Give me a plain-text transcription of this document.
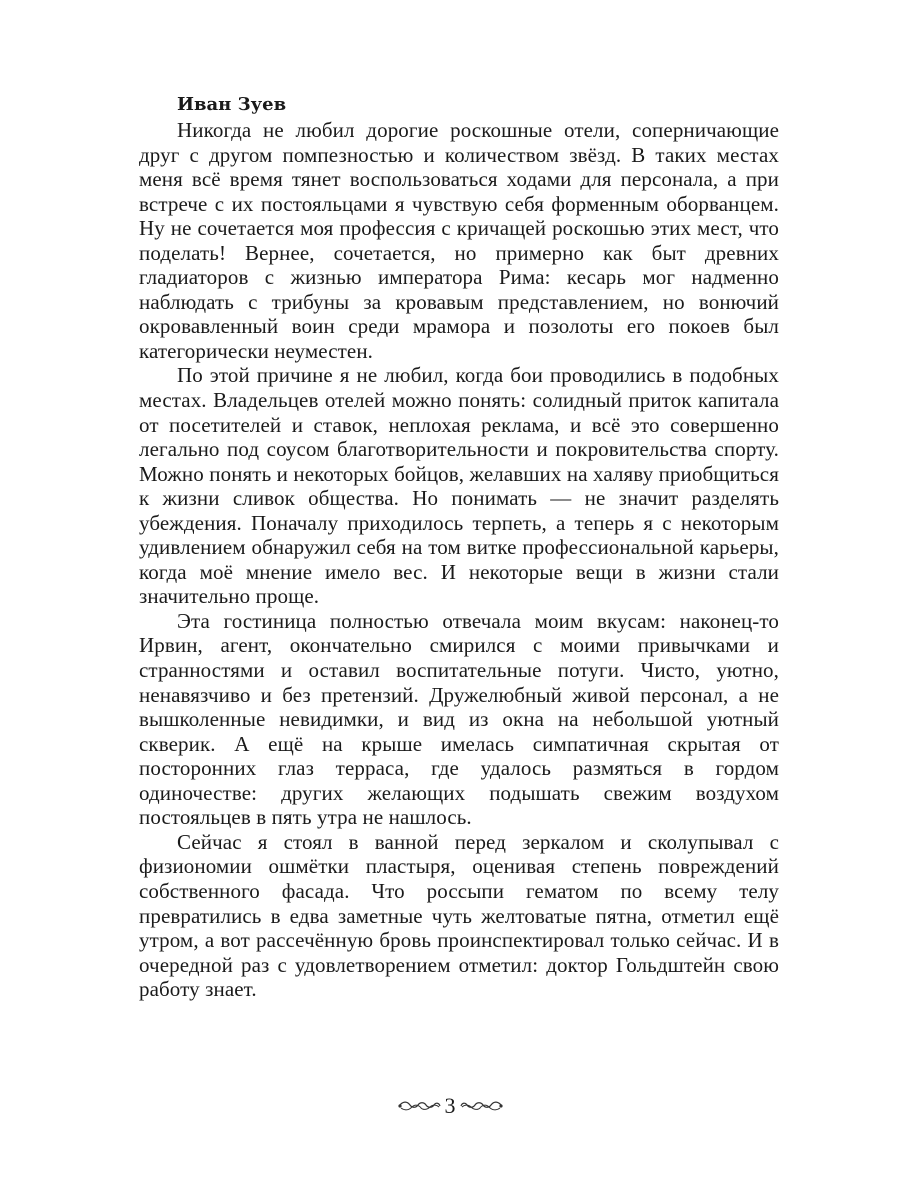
Иван Зуев

Никогда не любил дорогие роскошные отели, соперничающие друг с другом помпезностью и количеством звёзд. В таких местах меня всё время тянет воспользоваться ходами для персонала, а при встрече с их постояльцами я чувствую себя форменным оборванцем. Ну не сочетается моя профессия с кричащей роскошью этих мест, что поделать! Вернее, сочетается, но примерно как быт древних гладиаторов с жизнью императора Рима: кесарь мог надменно наблюдать с трибуны за кровавым представлением, но вонючий окровавленный воин среди мрамора и позолоты его покоев был категорически неуместен.

По этой причине я не любил, когда бои проводились в подобных местах. Владельцев отелей можно понять: солидный приток капитала от посетителей и ставок, неплохая реклама, и всё это совершенно легально под соусом благотворительности и покровительства спорту. Можно понять и некоторых бойцов, желавших на халяву приобщиться к жизни сливок общества. Но понимать — не значит разделять убеждения. Поначалу приходилось терпеть, а теперь я с некоторым удивлением обнаружил себя на том витке профессиональной карьеры, когда моё мнение имело вес. И некоторые вещи в жизни стали значительно проще.

Эта гостиница полностью отвечала моим вкусам: наконец-то Ирвин, агент, окончательно смирился с моими привычками и странностями и оставил воспитательные потуги. Чисто, уютно, ненавязчиво и без претензий. Дружелюбный живой персонал, а не вышколенные невидимки, и вид из окна на небольшой уютный скверик. А ещё на крыше имелась симпатичная скрытая от посторонних глаз терраса, где удалось размяться в гордом одиночестве: других желающих подышать свежим воздухом постояльцев в пять утра не нашлось.

Сейчас я стоял в ванной перед зеркалом и сколупывал с физиономии ошмётки пластыря, оценивая степень повреждений собственного фасада. Что россыпи гематом по всему телу превратились в едва заметные чуть желтоватые пятна, отметил ещё утром, а вот рассечённую бровь проинспектировал только сейчас. И в очередной раз с удовлетворением отметил: доктор Гольдштейн свою работу знает.

3
